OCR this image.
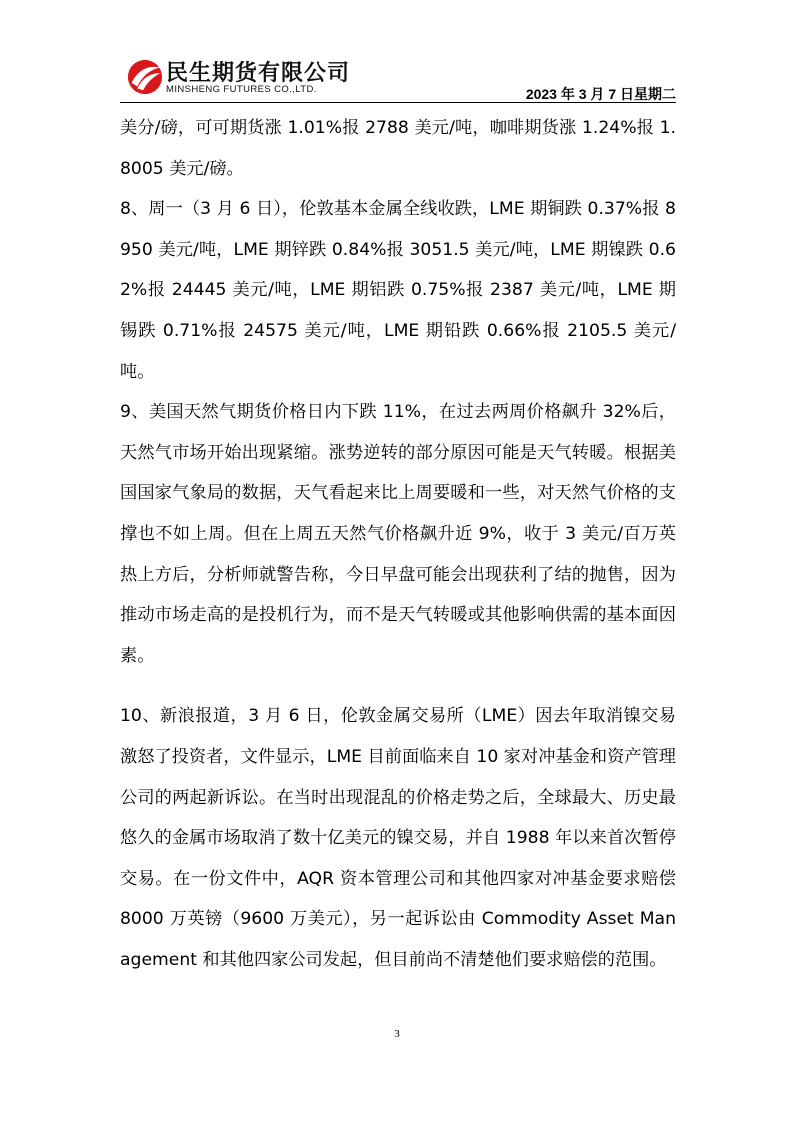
民生期货有限公司
MINSHENG FUTURES CO.,LTD.	2023 年 3 月 7 日星期二

美分/磅，可可期货涨 1.01%报 2788 美元/吨，咖啡期货涨 1.24%报 1.8005 美元/磅。

8、周一（3 月 6 日），伦敦基本金属全线收跌，LME 期铜跌 0.37%报 8950 美元/吨，LME 期锌跌 0.84%报 3051.5 美元/吨，LME 期镍跌 0.62%报 24445 美元/吨，LME 期铝跌 0.75%报 2387 美元/吨，LME 期锡跌 0.71%报 24575 美元/吨，LME 期铅跌 0.66%报 2105.5 美元/吨。

9、美国天然气期货价格日内下跌 11%，在过去两周价格飙升 32%后，天然气市场开始出现紧缩。涨势逆转的部分原因可能是天气转暖。根据美国国家气象局的数据，天气看起来比上周要暖和一些，对天然气价格的支撑也不如上周。但在上周五天然气价格飙升近 9%，收于 3 美元/百万英热上方后，分析师就警告称，今日早盘可能会出现获利了结的抛售，因为推动市场走高的是投机行为，而不是天气转暖或其他影响供需的基本面因素。

10、新浪报道，3 月 6 日，伦敦金属交易所（LME）因去年取消镍交易激怒了投资者，文件显示，LME 目前面临来自 10 家对冲基金和资产管理公司的两起新诉讼。在当时出现混乱的价格走势之后，全球最大、历史最悠久的金属市场取消了数十亿美元的镍交易，并自 1988 年以来首次暂停交易。在一份文件中，AQR 资本管理公司和其他四家对冲基金要求赔偿 8000 万英镑（9600 万美元），另一起诉讼由 Commodity Asset Management 和其他四家公司发起，但目前尚不清楚他们要求赔偿的范围。

3
